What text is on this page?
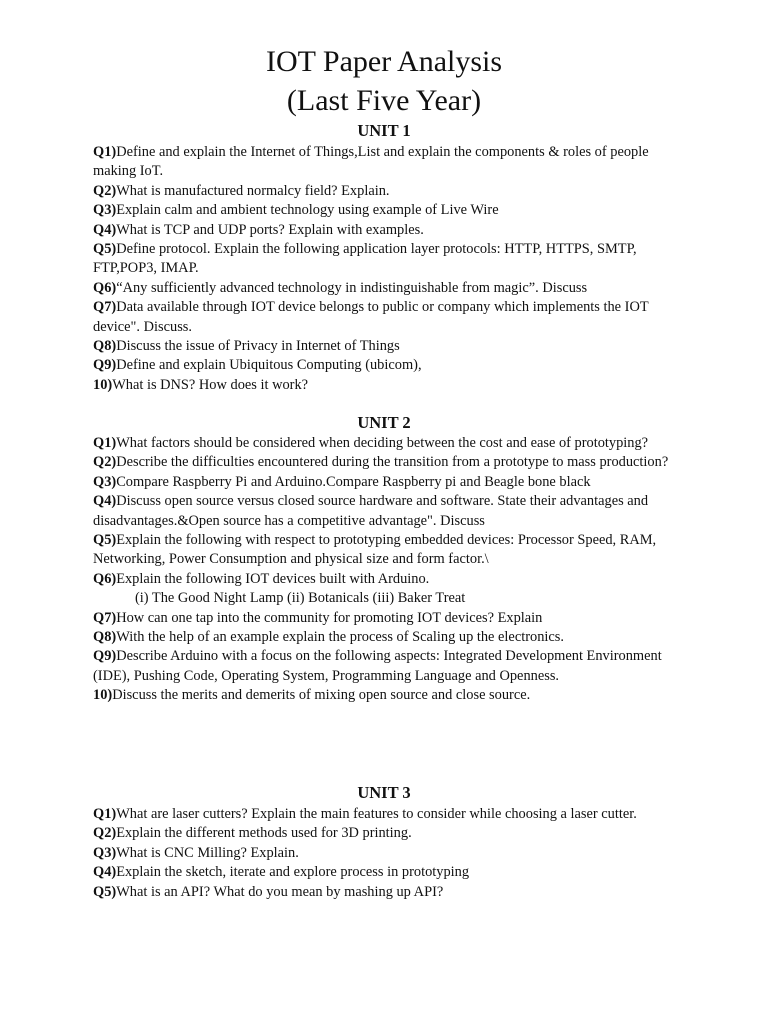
IOT Paper Analysis
(Last Five Year)
UNIT 1
Q1)Define and explain the Internet of Things,List and explain the components & roles of people making IoT.
Q2)What is manufactured normalcy field? Explain.
Q3)Explain calm and ambient technology using example of Live Wire
Q4)What is TCP and UDP ports? Explain with examples.
Q5)Define protocol. Explain the following application layer protocols: HTTP, HTTPS, SMTP, FTP,POP3, IMAP.
Q6)“Any sufficiently advanced technology in indistinguishable from magic”. Discuss
Q7)Data available through IOT device belongs to public or company which implements the IOT device". Discuss.
Q8)Discuss the issue of Privacy in Internet of Things
Q9)Define and explain Ubiquitous Computing (ubicom),
10)What is DNS? How does it work?
UNIT 2
Q1)What factors should be considered when deciding between the cost and ease of prototyping?
Q2)Describe the difficulties encountered during the transition from a prototype to mass production?
Q3)Compare Raspberry Pi and Arduino.Compare Raspberry pi and Beagle bone black
Q4)Discuss open source versus closed source hardware and software. State their advantages and disadvantages.&Open source has a competitive advantage". Discuss
Q5)Explain the following with respect to prototyping embedded devices: Processor Speed, RAM, Networking, Power Consumption and physical size and form factor.\
Q6)Explain the following IOT devices built with Arduino.
(i) The Good Night Lamp (ii) Botanicals (iii) Baker Treat
Q7)How can one tap into the community for promoting IOT devices? Explain
Q8)With the help of an example explain the process of Scaling up the electronics.
Q9)Describe Arduino with a focus on the following aspects: Integrated Development Environment (IDE), Pushing Code, Operating System, Programming Language and Openness.
10)Discuss the merits and demerits of mixing open source and close source.
UNIT 3
Q1)What are laser cutters? Explain the main features to consider while choosing a laser cutter.
Q2)Explain the different methods used for 3D printing.
Q3)What is CNC Milling? Explain.
Q4)Explain the sketch, iterate and explore process in prototyping
Q5)What is an API? What do you mean by mashing up API?
